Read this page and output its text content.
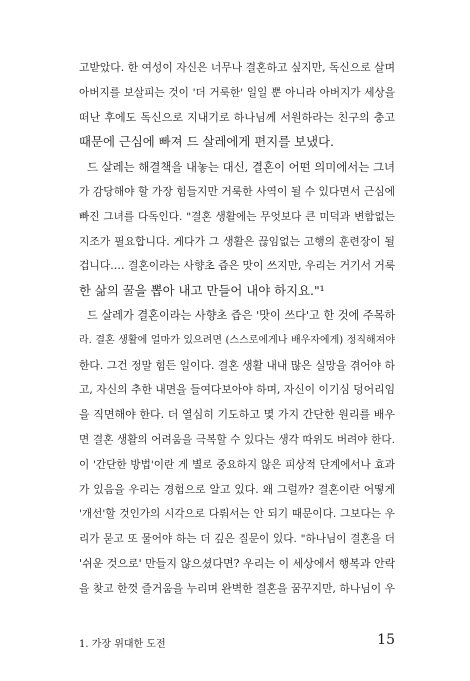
고받았다. 한 여성이 자신은 너무나 결혼하고 싶지만, 독신으로 살며
아버지를 보살피는 것이 '더 거룩한' 일일 뿐 아니라 아버지가 세상을
떠난 후에도 독신으로 지내기로 하나님께 서원하라는 친구의 충고
때문에 근심에 빠져 드 살레에게 편지를 보냈다.
드 살레는 해결책을 내놓는 대신, 결혼이 어떤 의미에서는 그녀
가 감당해야 할 가장 힘들지만 거룩한 사역이 될 수 있다면서 근심에
빠진 그녀를 다독인다. "결혼 생활에는 무엇보다 큰 미덕과 변함없는
지조가 필요합니다. 게다가 그 생활은 끊임없는 고행의 훈련장이 될
겁니다.… 결혼이라는 사향초 즙은 맛이 쓰지만, 우리는 거기서 거룩
한 삶의 꿀을 뽑아 내고 만들어 내야 하지요."¹
드 살레가 결혼이라는 사향초 즙은 '맛이 쓰다'고 한 것에 주목하
라. 결혼 생활에 얼마가 있으려면 (스스로에게나 배우자에게) 정직해져야
한다. 그건 정말 힘든 일이다. 결혼 생활 내내 많은 실망을 겪어야 하
고, 자신의 추한 내면을 들여다보아야 하며, 자신이 이기심 덩어리임
을 직면해야 한다. 더 열심히 기도하고 몇 가지 간단한 원리를 배우
면 결혼 생활의 어려움을 극복할 수 있다는 생각 따위도 버려야 한다.
이 '간단한 방법'이란 게 별로 중요하지 않은 피상적 단계에서나 효과
가 있음을 우리는 경험으로 알고 있다. 왜 그럴까? 결혼이란 어떻게
'개선'할 것인가의 시각으로 다뤄서는 안 되기 때문이다. 그보다는 우
리가 묻고 또 물어야 하는 더 깊은 질문이 있다. "하나님이 결혼을 더
'쉬운 것으로' 만들지 않으셨다면? 우리는 이 세상에서 행복과 안락
을 찾고 한껏 즐거움을 누리며 완벽한 결혼을 꿈꾸지만, 하나님이 우
1. 가장 위대한 도전	15
